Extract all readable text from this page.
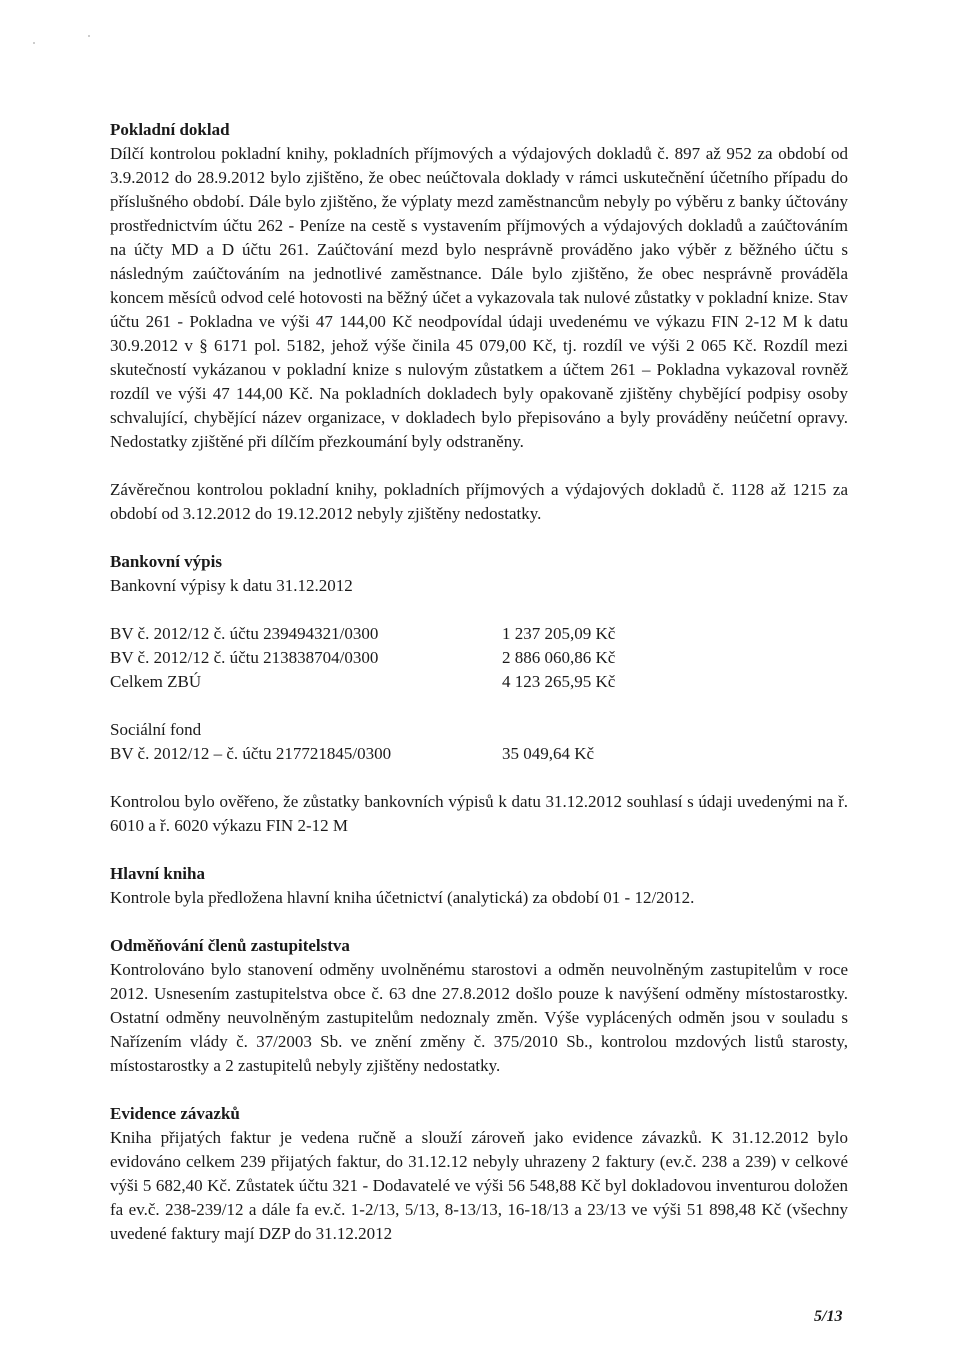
Pokladní doklad

Dílčí kontrolou pokladní knihy, pokladních příjmových a výdajových dokladů č. 897 až 952 za období od 3.9.2012 do 28.9.2012 bylo zjištěno, že obec neúčtovala doklady v rámci uskutečnění účetního případu do příslušného období. Dále bylo zjištěno, že výplaty mezd zaměstnancům nebyly po výběru z banky účtovány prostřednictvím účtu 262 - Peníze na cestě s vystavením příjmových a výdajových dokladů a zaúčtováním na účty MD a D účtu 261. Zaúčtování mezd bylo nesprávně prováděno jako výběr z běžného účtu s následným zaúčtováním na jednotlivé zaměstnance. Dále bylo zjištěno, že obec nesprávně prováděla koncem měsíců odvod celé hotovosti na běžný účet a vykazovala tak nulové zůstatky v pokladní knize. Stav účtu 261 - Pokladna ve výši 47 144,00 Kč neodpovídal údaji uvedenému ve výkazu FIN 2-12 M k datu 30.9.2012 v § 6171 pol. 5182, jehož výše činila 45 079,00 Kč, tj. rozdíl ve výši 2 065 Kč. Rozdíl mezi skutečností vykázanou v pokladní knize s nulovým zůstatkem a účtem 261 – Pokladna vykazoval rovněž rozdíl ve výši 47 144,00 Kč. Na pokladních dokladech byly opakovaně zjištěny chybějící podpisy osoby schvalující, chybějící název organizace, v dokladech bylo přepisováno a byly prováděny neúčetní opravy. Nedostatky zjištěné při dílčím přezkoumání byly odstraněny.

Závěrečnou kontrolou pokladní knihy, pokladních příjmových a výdajových dokladů č. 1128 až 1215 za období od 3.12.2012 do 19.12.2012 nebyly zjištěny nedostatky.

Bankovní výpis

Bankovní výpisy k datu 31.12.2012

BV č. 2012/12 č. účtu 239494321/0300	1 237 205,09 Kč
BV č. 2012/12 č. účtu 213838704/0300	2 886 060,86 Kč
Celkem ZBÚ	4 123 265,95 Kč

Sociální fond

BV č. 2012/12 – č. účtu 217721845/0300	35 049,64 Kč

Kontrolou bylo ověřeno, že zůstatky bankovních výpisů k datu 31.12.2012 souhlasí s údaji uvedenými na ř. 6010 a ř. 6020 výkazu FIN 2-12 M

Hlavní kniha

Kontrole byla předložena hlavní kniha účetnictví (analytická) za období 01 - 12/2012.

Odměňování členů zastupitelstva

Kontrolováno bylo stanovení odměny uvolněnému starostovi a odměn neuvolněným zastupitelům v roce 2012. Usnesením zastupitelstva obce č. 63 dne 27.8.2012 došlo pouze k navýšení odměny místostarostky. Ostatní odměny neuvolněným zastupitelům nedoznaly změn. Výše vyplácených odměn jsou v souladu s Nařízením vlády č. 37/2003 Sb. ve znění změny č. 375/2010 Sb., kontrolou mzdových listů starosty, místostarostky a 2 zastupitelů nebyly zjištěny nedostatky.

Evidence závazků

Kniha přijatých faktur je vedena ručně a slouží zároveň jako evidence závazků. K 31.12.2012 bylo evidováno celkem 239 přijatých faktur, do 31.12.12 nebyly uhrazeny 2 faktury (ev.č. 238 a 239) v celkové výši 5 682,40 Kč. Zůstatek účtu 321 - Dodavatelé ve výši 56 548,88 Kč byl dokladovou inventurou doložen fa ev.č. 238-239/12 a dále fa ev.č. 1-2/13, 5/13, 8-13/13, 16-18/13 a 23/13 ve výši 51 898,48 Kč (všechny uvedené faktury mají DZP do 31.12.2012

5/13
